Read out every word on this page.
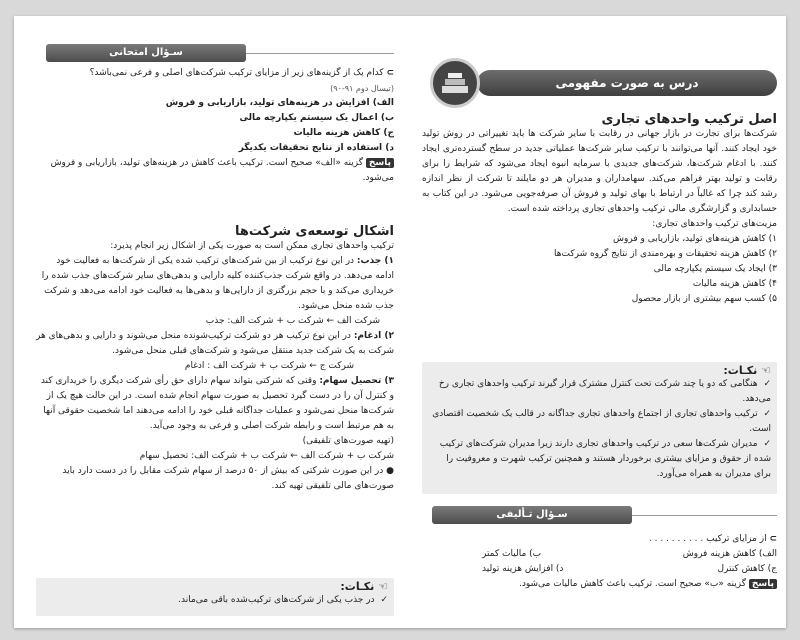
سـؤال امتحانی
⊃ کدام یک از گزینه‌های زیر از مزایای ترکیب شرکت‌های اصلی و فرعی نمی‌باشد؟
(تیسال دوم ۹۱-۹۰)
الف) افزایش در هزینه‌های تولید، بازاریابی و فروش
ب) اعمال یک سیستم یکپارچه مالی
ج) کاهش هزینه مالیات
د) استفاده از نتایج تحقیقات یکدیگر
پاسخ گزینه «الف» صحیح است. ترکیب باعث کاهش در هزینه‌های تولید، بازاریابی و فروش می‌شود.
اشکال توسعه‌ی شرکت‌ها
ترکیب واحدهای تجاری ممکن است به صورت یکی از اشکال زیر انجام پذیرد:
۱) جذب: در این نوع ترکیب از بین شرکت‌های ترکیب شده یکی از شرکت‌ها به فعالیت خود ادامه می‌دهد. در واقع شرکت جذب‌کننده کلیه دارایی و بدهی‌های سایر شرکت‌های جذب شده را خریداری می‌کند و با حجم بزرگتری از دارایی‌ها و بدهی‌ها به فعالیت خود ادامه می‌دهد و شرکت جذب شده منحل می‌شود.
شرکت الف ← شرکت ب + شرکت الف: جذب
۲) ادغام: در این نوع ترکیب هر دو شرکت ترکیب‌شونده منحل می‌شوند و دارایی و بدهی‌های هر شرکت به یک شرکت جدید منتقل می‌شود و شرکت‌های قبلی منحل می‌شود.
شرکت ج ← شرکت ب + شرکت الف : ادغام
۳) تحصیل سهام: وقتی که شرکتی بتواند سهام دارای حق رأی شرکت دیگری را خریداری کند و کنترل آن را در دست گیرد تحصیل به صورت سهام انجام شده است. در این حالت هیچ یک از شرکت‌ها منحل نمی‌شود و عملیات جداگانه قبلی خود را ادامه می‌دهند اما شخصیت حقوقی آنها به هم مرتبط است و رابطه شرکت اصلی و فرعی به وجود می‌آید.
(تهیه صورت‌های تلفیقی)
شرکت ب + شرکت الف ← شرکت ب + شرکت الف: تحصیل سهام
● در این صورت شرکتی که بیش از ۵۰ درصد از سهام شرکت مقابل را در دست دارد باید صورت‌های مالی تلفیقی تهیه کند.
☜ نکـات:
✓ در جذب یکی از شرکت‌های ترکیب‌شده باقی می‌ماند.
درس به صورت مفهومی
اصل ترکیب واحدهای تجاری
شرکت‌ها برای تجارت در بازار جهانی در رقابت با سایر شرکت ها باید تغییراتی در روش تولید خود ایجاد کنند. آنها می‌توانند با ترکیب سایر شرکت‌ها عملیاتی جدید در سطح گسترده‌تری ایجاد کنند. با ادغام شرکت‌ها، شرکت‌های جدیدی با سرمایه انبوه ایجاد می‌شود که شرایط را برای رقابت و تولید بهتر فراهم می‌کند. سهامداران و مدیران هر دو مایلند تا شرکت از نظر اندازه رشد کند چرا که غالباً در ارتباط با بهای تولید و فروش آن صرفه‌جویی می‌شود. در این کتاب به حسابداری و گزارشگری مالی ترکیب واحدهای تجاری پرداخته شده است.
مزیت‌های ترکیب واحدهای تجاری:
۱) کاهش هزینه‌های تولید، بازاریابی و فروش
۲) کاهش هزینه تحقیقات و بهره‌مندی از نتایج گروه شرکت‌ها
۳) ایجاد یک سیستم یکپارچه مالی
۴) کاهش هزینه مالیات
۵) کسب سهم بیشتری از بازار محصول
☜ نکـات:
✓ هنگامی که دو یا چند شرکت تحت کنترل مشترک قرار گیرند ترکیب واحدهای تجاری رخ می‌دهد.
✓ ترکیب واحدهای تجاری از اجتماع واحدهای تجاری جداگانه در قالب یک شخصیت اقتصادی است.
✓ مدیران شرکت‌ها سعی در ترکیب واحدهای تجاری دارند زیرا مدیران شرکت‌های ترکیب شده از حقوق و مزایای بیشتری برخوردار هستند و همچنین ترکیب شهرت و معروفیت را برای مدیران به همراه می‌آورد.
سـؤال تـألیفی
⊃ از مزایای ترکیب . . . . . . . . . .
الف) کاهش هزینه فروش
ب) مالیات کمتر
ج) کاهش کنترل
د) افزایش هزینه تولید
پاسخ گزینه «ب» صحیح است. ترکیب باعث کاهش مالیات می‌شود.
